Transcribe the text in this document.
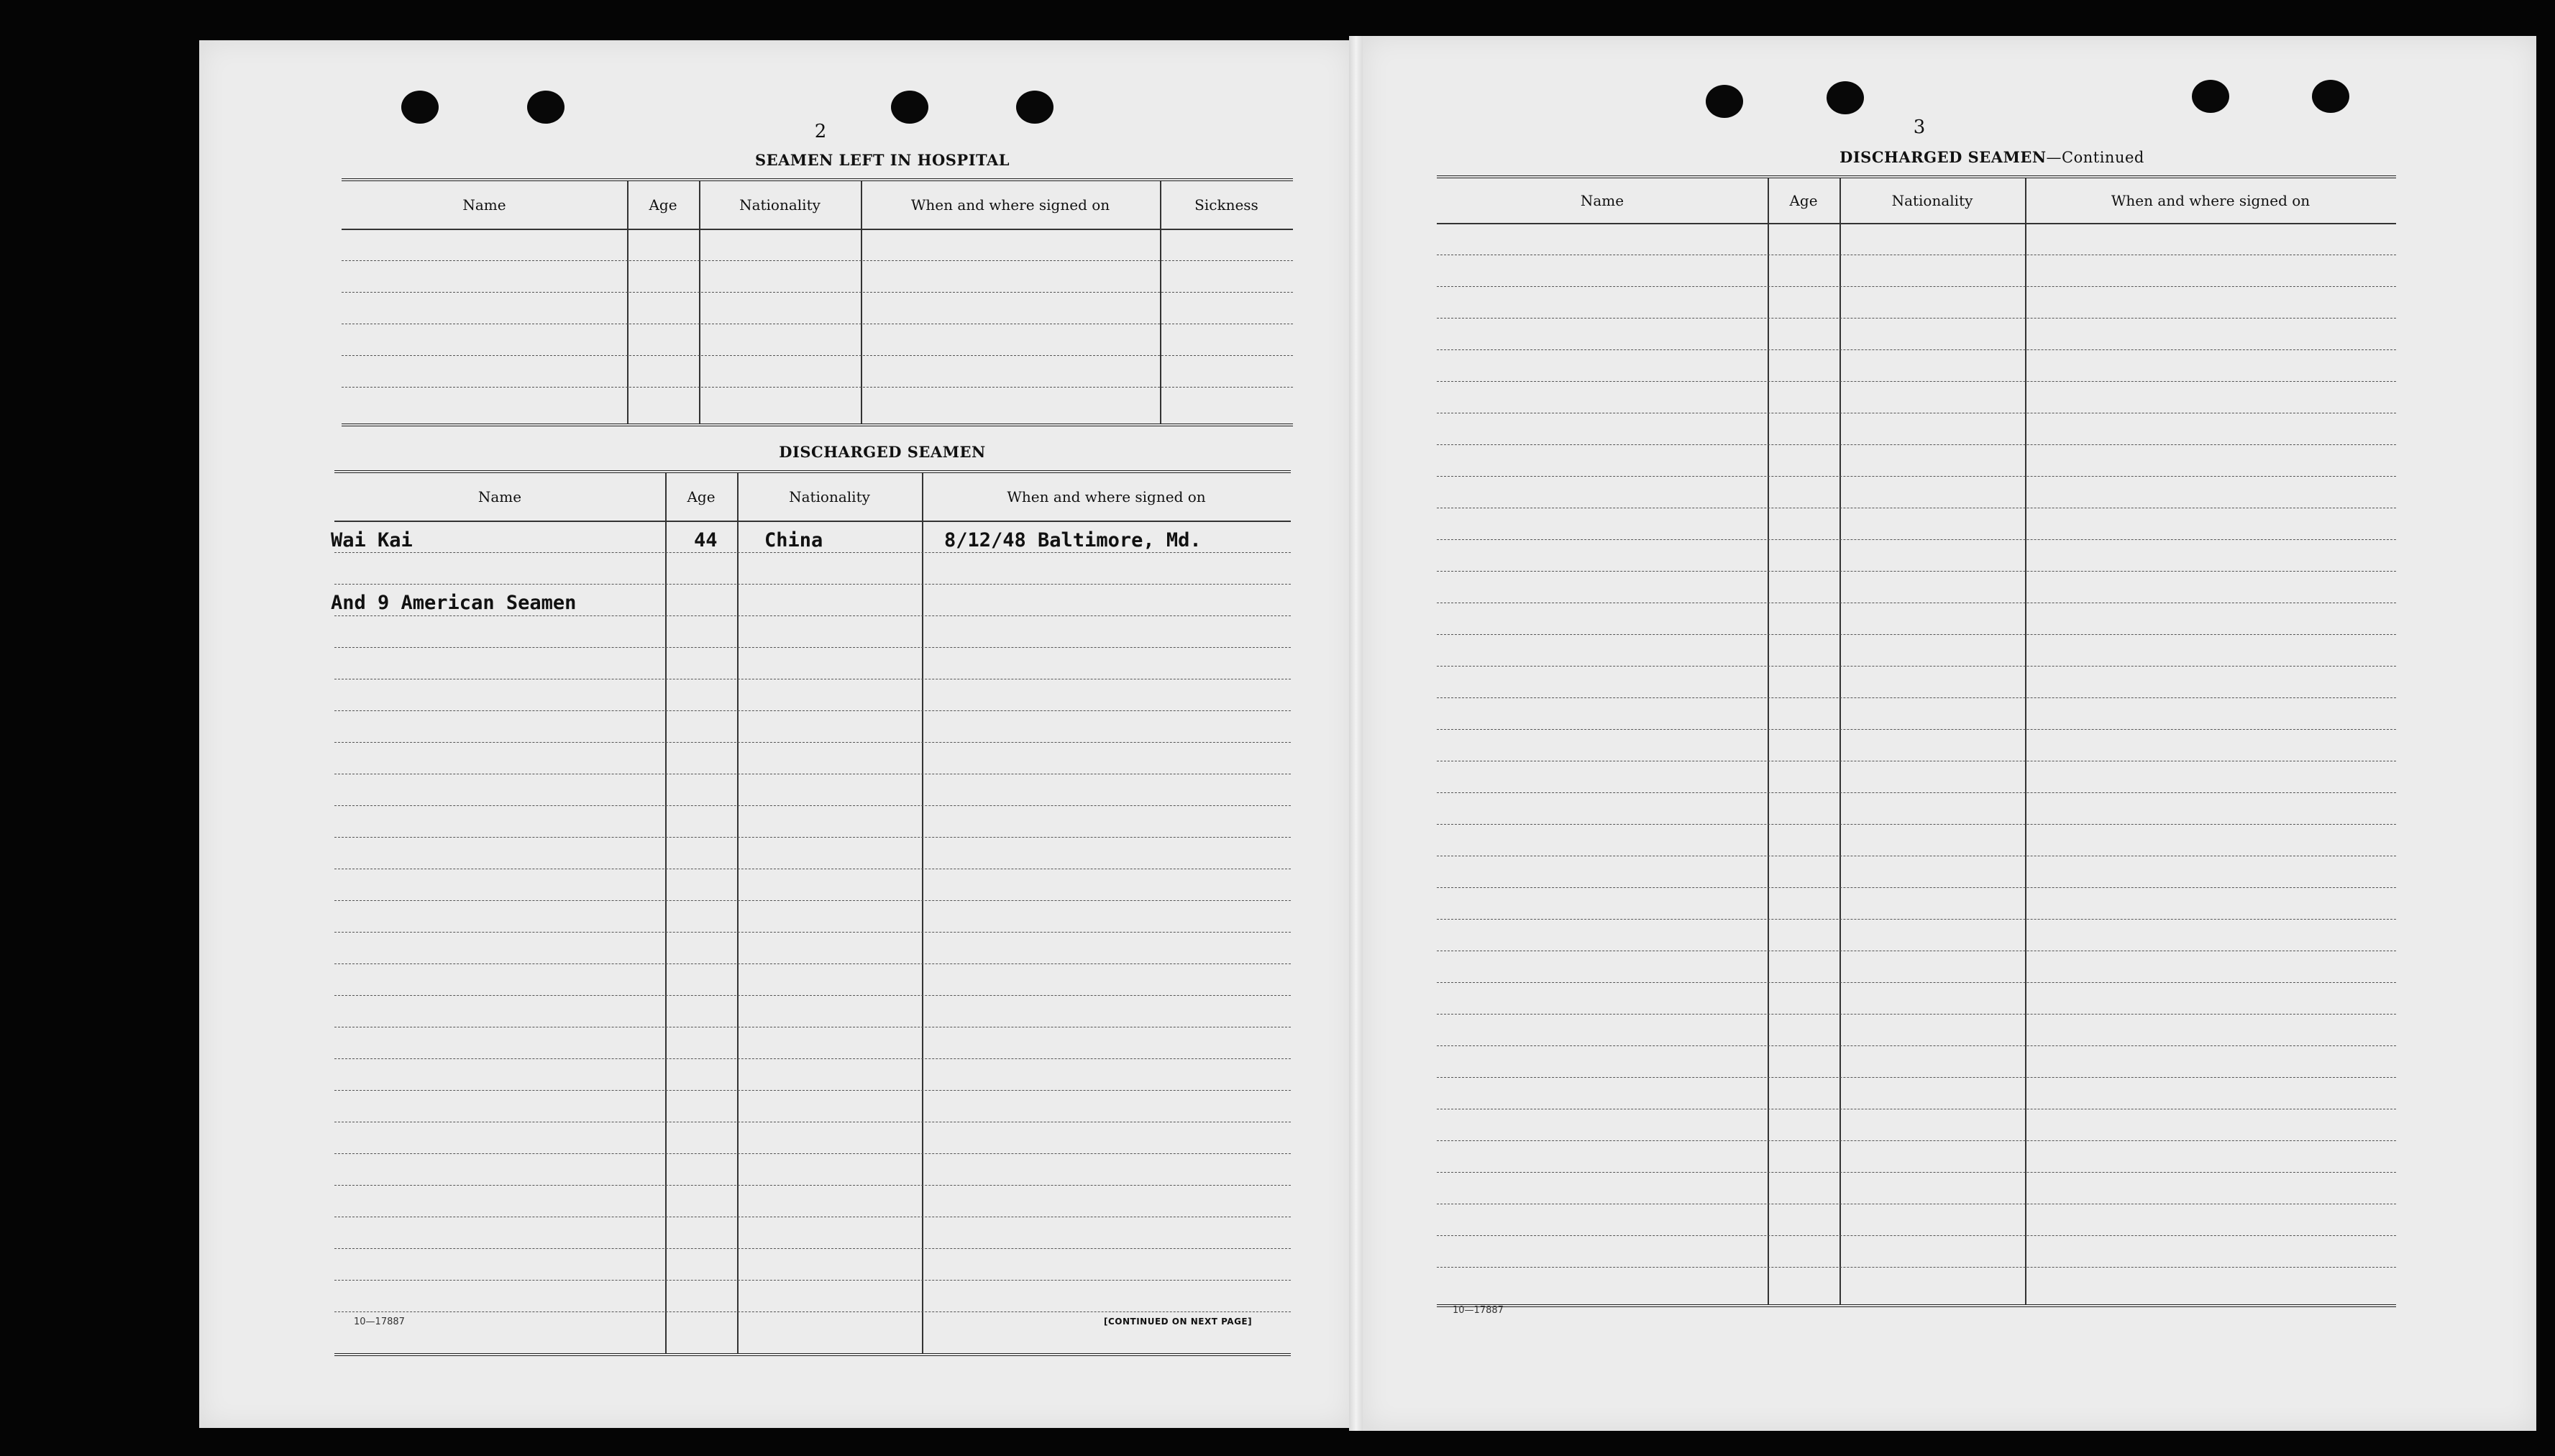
2
SEAMEN LEFT IN HOSPITAL
Name	Age	Nationality	When and where signed on	Sickness
DISCHARGED SEAMEN
Name	Age	Nationality	When and where signed on
Wai Kai	44 China	8/12/48 Baltimore, Md.
And 9 American Seamen
10—17887	[CONTINUED ON NEXT PAGE]
3
DISCHARGED SEAMEN—Continued
Name	Age	Nationality	When and where signed on
10—17887
